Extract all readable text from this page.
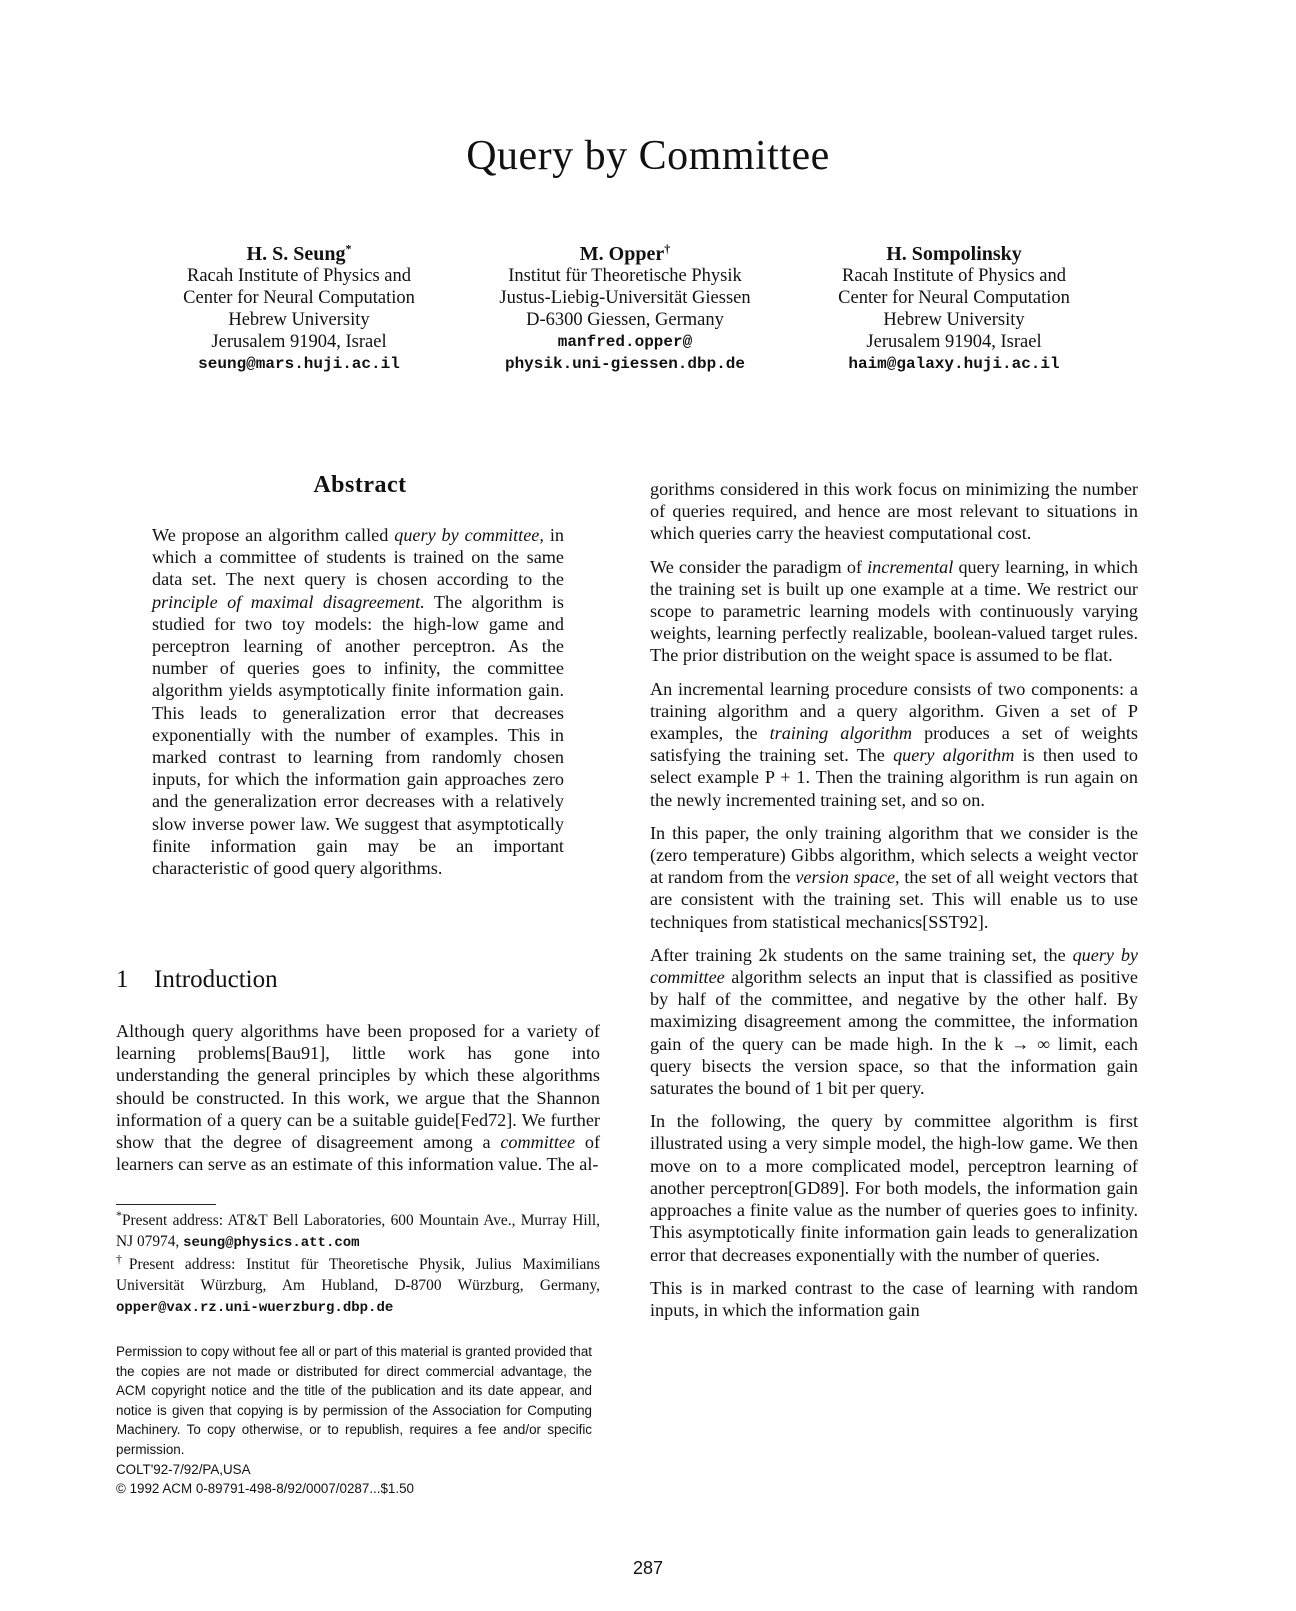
Query by Committee
H. S. Seung*
Racah Institute of Physics and
Center for Neural Computation
Hebrew University
Jerusalem 91904, Israel
seung@mars.huji.ac.il
M. Opper†
Institut für Theoretische Physik
Justus-Liebig-Universität Giessen
D-6300 Giessen, Germany
manfred.opper@
physik.uni-giessen.dbp.de
H. Sompolinsky
Racah Institute of Physics and
Center for Neural Computation
Hebrew University
Jerusalem 91904, Israel
haim@galaxy.huji.ac.il
Abstract

We propose an algorithm called query by committee, in which a committee of students is trained on the same data set. The next query is chosen according to the principle of maximal disagreement. The algorithm is studied for two toy models: the high-low game and perceptron learning of another perceptron. As the number of queries goes to infinity, the committee algorithm yields asymptotically finite information gain. This leads to generalization error that decreases exponentially with the number of examples. This in marked contrast to learning from randomly chosen inputs, for which the information gain approaches zero and the generalization error decreases with a relatively slow inverse power law. We suggest that asymptotically finite information gain may be an important characteristic of good query algorithms.

1 Introduction

Although query algorithms have been proposed for a variety of learning problems[Bau91], little work has gone into understanding the general principles by which these algorithms should be constructed. In this work, we argue that the Shannon information of a query can be a suitable guide[Fed72]. We further show that the degree of disagreement among a committee of learners can serve as an estimate of this information value. The al-

*Present address: AT&T Bell Laboratories, 600 Mountain Ave., Murray Hill, NJ 07974, seung@physics.att.com

†Present address: Institut für Theoretische Physik, Julius Maximilians Universität Würzburg, Am Hubland, D-8700 Würzburg, Germany, opper@vax.rz.uni-wuerzburg.dbp.de

Permission to copy without fee all or part of this material is granted provided that the copies are not made or distributed for direct commercial advantage, the ACM copyright notice and the title of the publication and its date appear, and notice is given that copying is by permission of the Association for Computing Machinery. To copy otherwise, or to republish, requires a fee and/or specific permission.

COLT'92-7/92/PA,USA

© 1992 ACM 0-89791-498-8/92/0007/0287...$1.50

gorithms considered in this work focus on minimizing the number of queries required, and hence are most relevant to situations in which queries carry the heaviest computational cost.

We consider the paradigm of incremental query learning, in which the training set is built up one example at a time. We restrict our scope to parametric learning models with continuously varying weights, learning perfectly realizable, boolean-valued target rules. The prior distribution on the weight space is assumed to be flat.

An incremental learning procedure consists of two components: a training algorithm and a query algorithm. Given a set of P examples, the training algorithm produces a set of weights satisfying the training set. The query algorithm is then used to select example P + 1. Then the training algorithm is run again on the newly incremented training set, and so on.

In this paper, the only training algorithm that we consider is the (zero temperature) Gibbs algorithm, which selects a weight vector at random from the version space, the set of all weight vectors that are consistent with the training set. This will enable us to use techniques from statistical mechanics[SST92].

After training 2k students on the same training set, the query by committee algorithm selects an input that is classified as positive by half of the committee, and negative by the other half. By maximizing disagreement among the committee, the information gain of the query can be made high. In the k → ∞ limit, each query bisects the version space, so that the information gain saturates the bound of 1 bit per query.

In the following, the query by committee algorithm is first illustrated using a very simple model, the high-low game. We then move on to a more complicated model, perceptron learning of another perceptron[GD89]. For both models, the information gain approaches a finite value as the number of queries goes to infinity. This asymptotically finite information gain leads to generalization error that decreases exponentially with the number of queries.

This is in marked contrast to the case of learning with random inputs, in which the information gain

287
